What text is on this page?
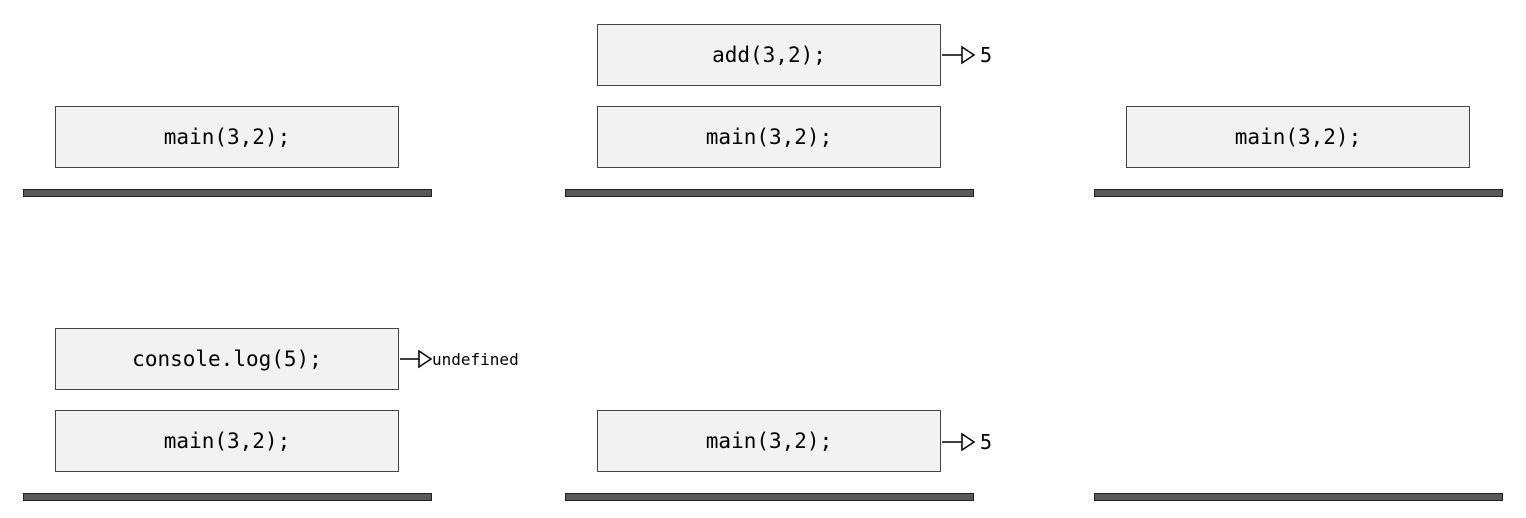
main(3,2);
add(3,2);	5
main(3,2);	main(3,2);
console.log(5);	undefined
main(3,2);	main(3,2);	5
